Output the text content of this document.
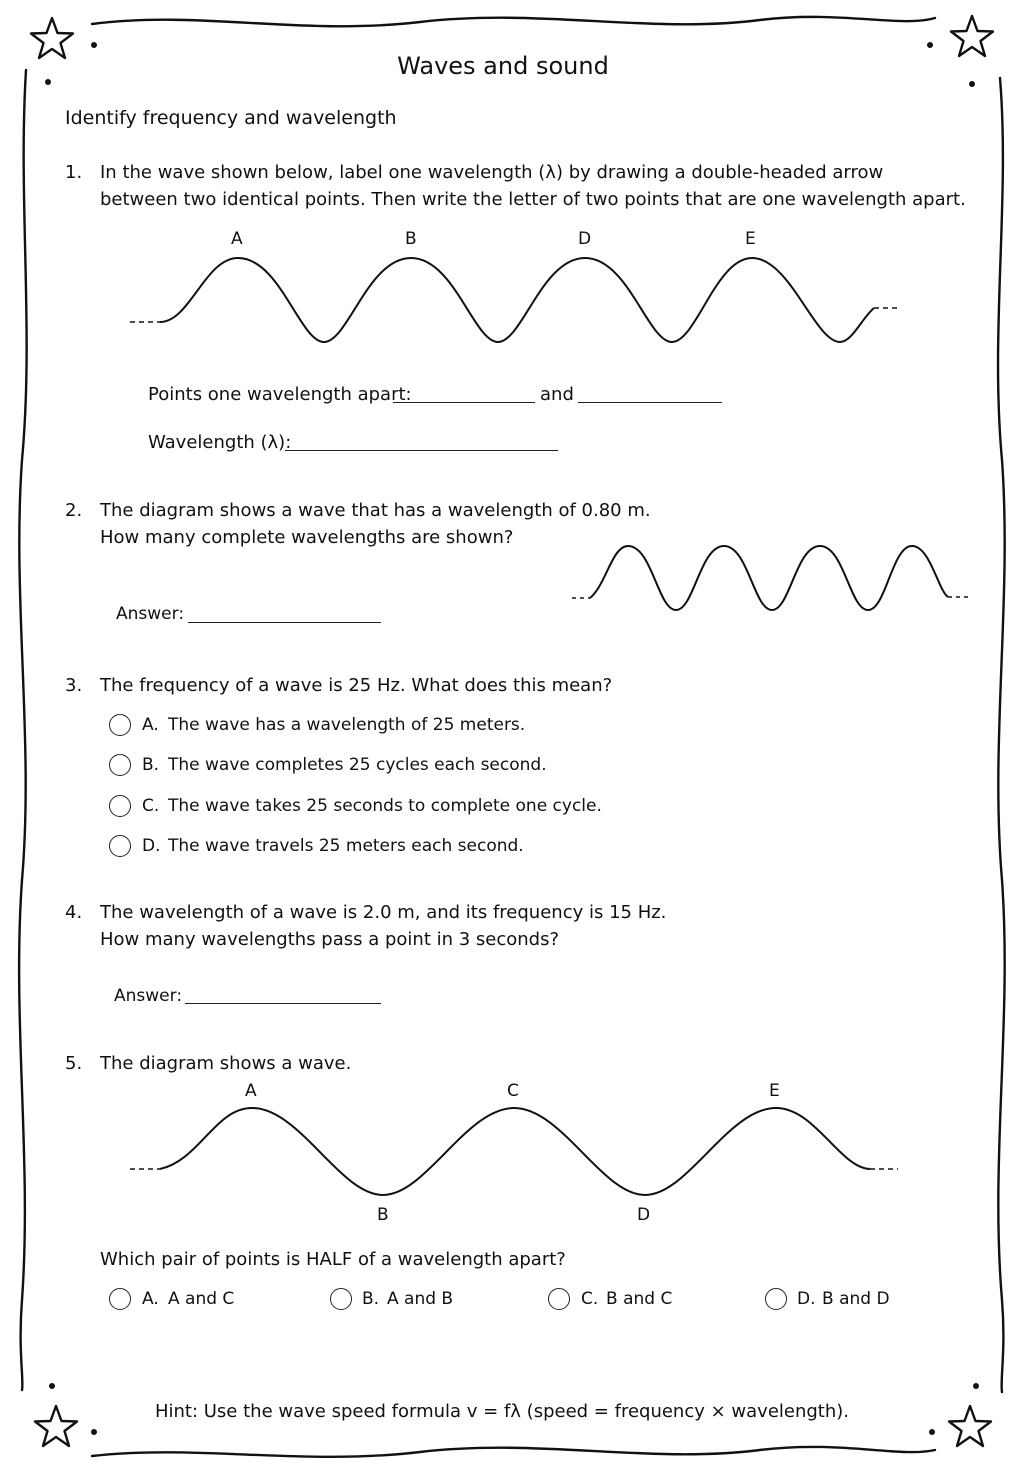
Waves and sound
Identify frequency and wavelength
1. In the wave shown below, label one wavelength (λ) by drawing a double-headed arrow
between two identical points. Then write the letter of two points that are one wavelength apart.
A	B	D	E
Points one wavelength apart:	and
Wavelength (λ):
2. The diagram shows a wave that has a wavelength of 0.80 m.
How many complete wavelengths are shown?
Answer:
3. The frequency of a wave is 25 Hz. What does this mean?
A. The wave has a wavelength of 25 meters.
B. The wave completes 25 cycles each second.
C. The wave takes 25 seconds to complete one cycle.
D. The wave travels 25 meters each second.
4. The wavelength of a wave is 2.0 m, and its frequency is 15 Hz.
How many wavelengths pass a point in 3 seconds?
Answer:
5. The diagram shows a wave.
A	C	E
B	D
Which pair of points is HALF of a wavelength apart?
A. A and C	B. A and B	C. B and C	D. B and D
Hint: Use the wave speed formula v = fλ (speed = frequency × wavelength).
